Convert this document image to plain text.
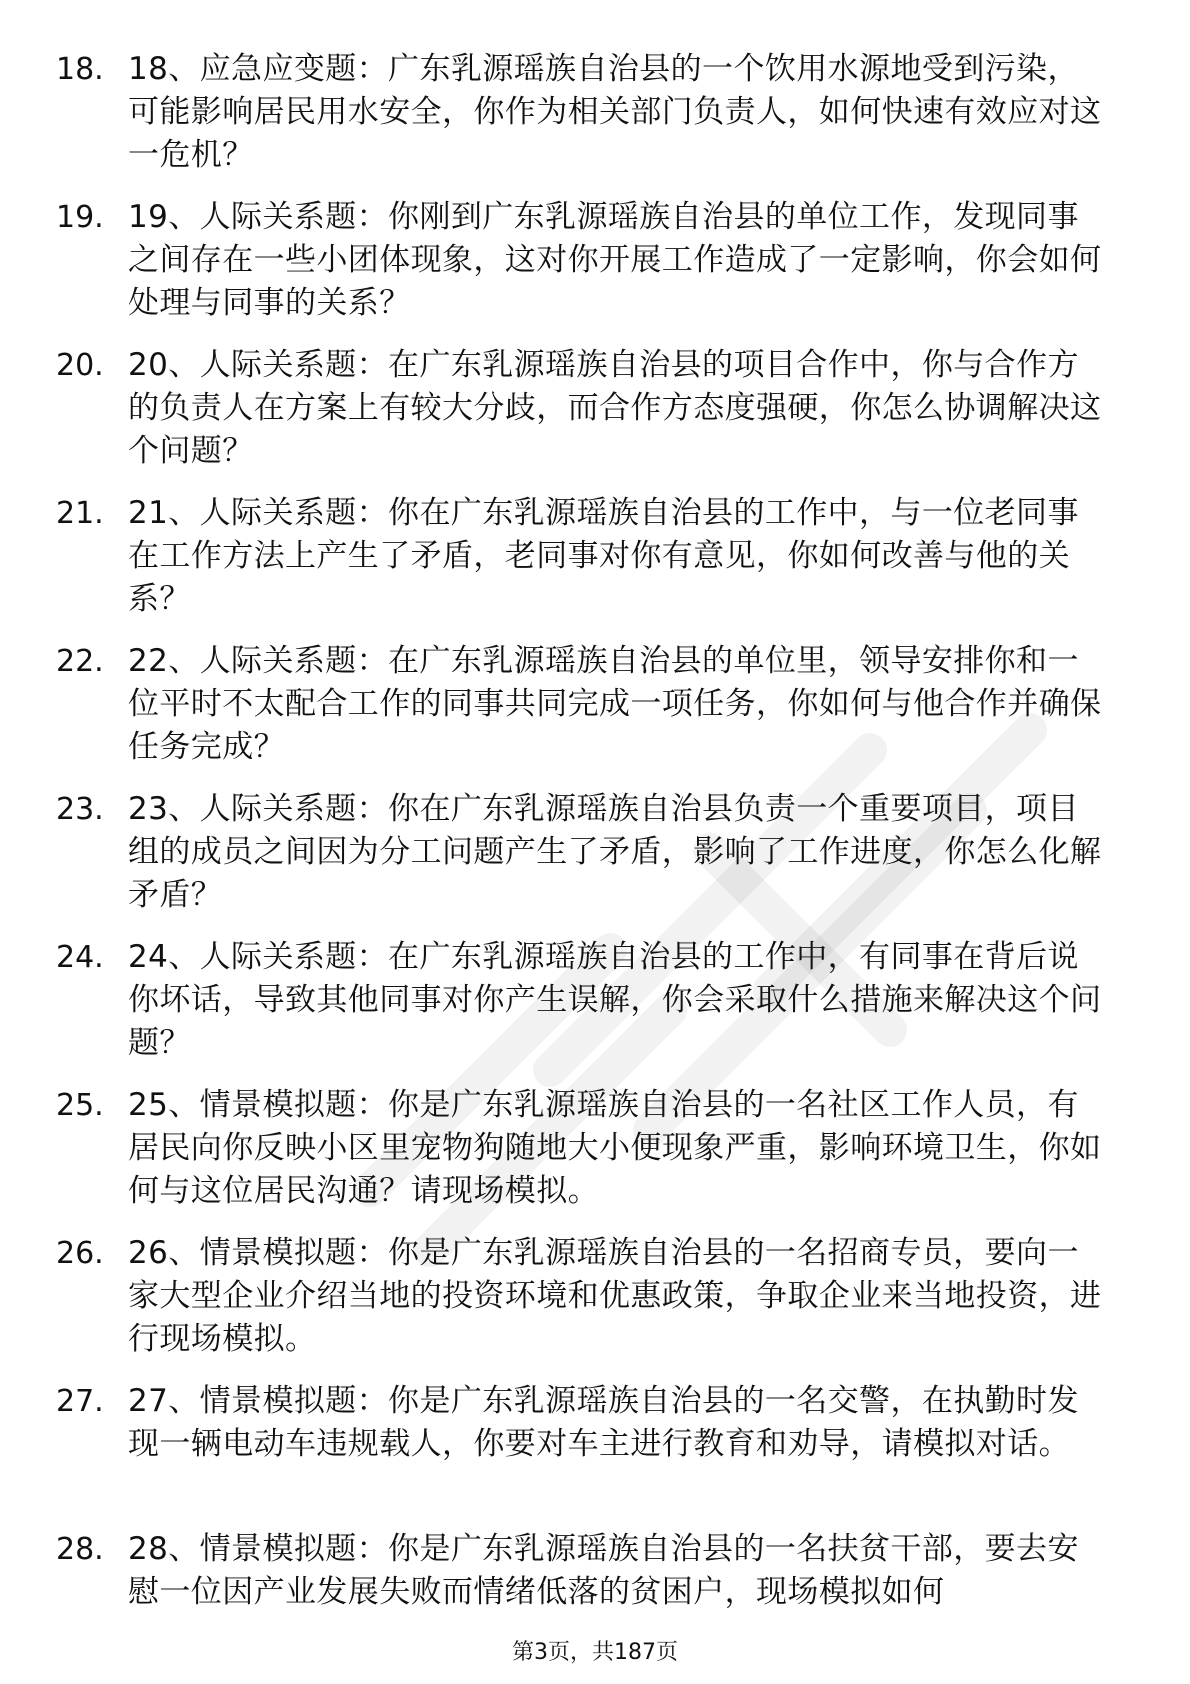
18. 18、应急应变题：广东乳源瑶族自治县的一个饮用水源地受到污染，可能影响居民用水安全，你作为相关部门负责人，如何快速有效应对这一危机？
19. 19、人际关系题：你刚到广东乳源瑶族自治县的单位工作，发现同事之间存在一些小团体现象，这对你开展工作造成了一定影响，你会如何处理与同事的关系？
20. 20、人际关系题：在广东乳源瑶族自治县的项目合作中，你与合作方的负责人在方案上有较大分歧，而合作方态度强硬，你怎么协调解决这个问题？
21. 21、人际关系题：你在广东乳源瑶族自治县的工作中，与一位老同事在工作方法上产生了矛盾，老同事对你有意见，你如何改善与他的关系？
22. 22、人际关系题：在广东乳源瑶族自治县的单位里，领导安排你和一位平时不太配合工作的同事共同完成一项任务，你如何与他合作并确保任务完成？
23. 23、人际关系题：你在广东乳源瑶族自治县负责一个重要项目，项目组的成员之间因为分工问题产生了矛盾，影响了工作进度，你怎么化解矛盾？
24. 24、人际关系题：在广东乳源瑶族自治县的工作中，有同事在背后说你坏话，导致其他同事对你产生误解，你会采取什么措施来解决这个问题？
25. 25、情景模拟题：你是广东乳源瑶族自治县的一名社区工作人员，有居民向你反映小区里宠物狗随地大小便现象严重，影响环境卫生，你如何与这位居民沟通？请现场模拟。
26. 26、情景模拟题：你是广东乳源瑶族自治县的一名招商专员，要向一家大型企业介绍当地的投资环境和优惠政策，争取企业来当地投资，进行现场模拟。
27. 27、情景模拟题：你是广东乳源瑶族自治县的一名交警，在执勤时发现一辆电动车违规载人，你要对车主进行教育和劝导，请模拟对话。
28. 28、情景模拟题：你是广东乳源瑶族自治县的一名扶贫干部，要去安慰一位因产业发展失败而情绪低落的贫困户，现场模拟如何
第3页，共187页
